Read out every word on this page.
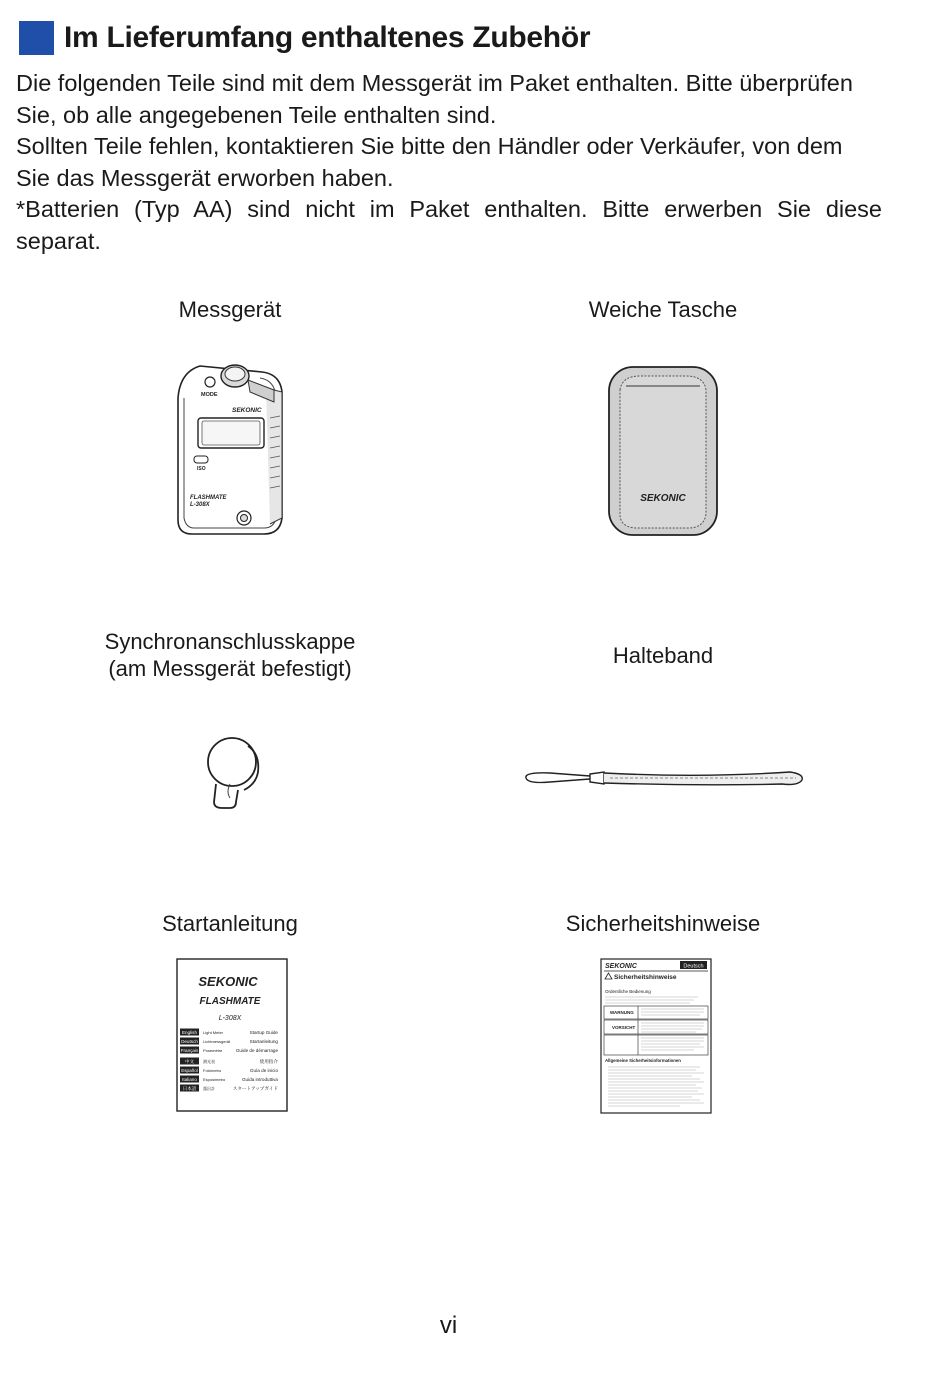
Im Lieferumfang enthaltenes Zubehör

Die folgenden Teile sind mit dem Messgerät im Paket enthalten. Bitte überprüfen Sie, ob alle angegebenen Teile enthalten sind.

Sollten Teile fehlen, kontaktieren Sie bitte den Händler oder Verkäufer, von dem Sie das Messgerät erworben haben.

*Batterien (Typ AA) sind nicht im Paket enthalten. Bitte erwerben Sie diese separat.

Messgerät	Weiche Tasche
Synchronanschlusskappe
(am Messgerät befestigt)
Halteband
Startanleitung	Sicherheitshinweise
MODE
SEKONIC
ISO
FLASHMATE
L-308X
SEKONIC
SEKONIC
FLASHMATE
L-308X
English Light Meter	Startup Guide
Deutsch Lichtmessgerät	Startanleitung
Français Posemètre	Guide de démarrage
中文 测光表	使用指介
Español Fotómetro	Guía de inicio
Italiano Esposimetro	Guida introduttiva
日本語 露出計	スタートアップガイド
SEKONIC	Deutsch
Sicherheitshinweise
Ordentliche Bedienung
WARNUNG
VORSICHT
Allgemeine Sicherheitsinformationen
vi
